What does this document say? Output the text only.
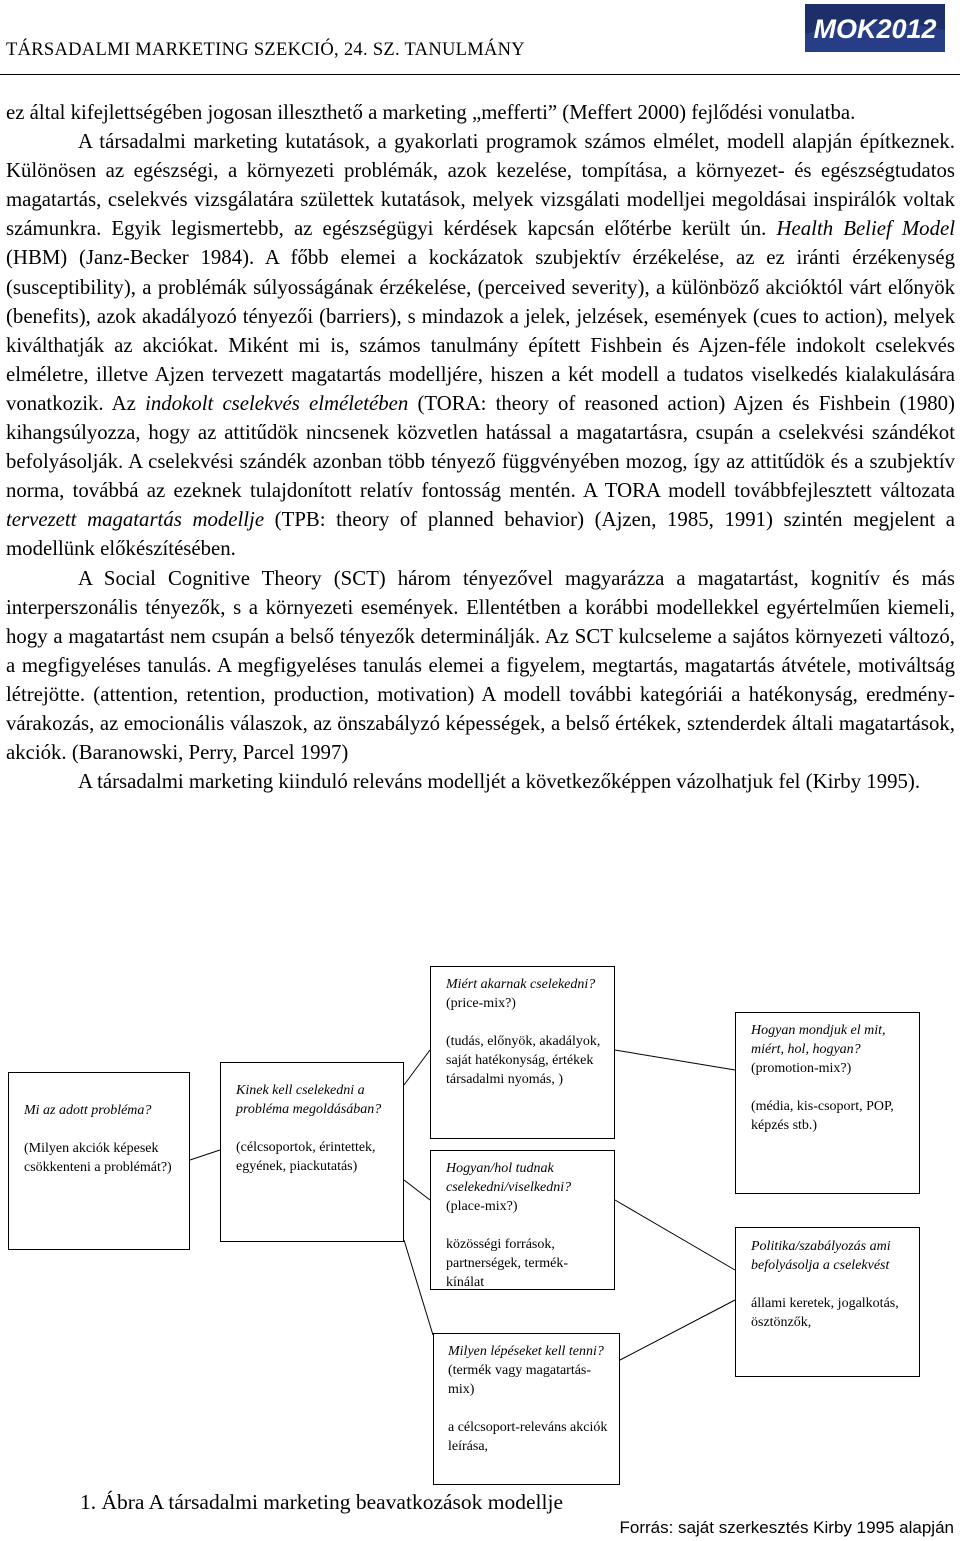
TÁRSADALMI MARKETING SZEKCIÓ, 24. SZ. TANULMÁNY
MOK2012

ez által kifejlettségében jogosan illeszthető a marketing „mefferti” (Meffert 2000) fejlődési vonulatba.

A társadalmi marketing kutatások, a gyakorlati programok számos elmélet, modell alapján építkeznek. Különösen az egészségi, a környezeti problémák, azok kezelése, tompítása, a környezet- és egészségtudatos magatartás, cselekvés vizsgálatára születtek kutatások, melyek vizsgálati modelljei megoldásai inspirálók voltak számunkra. Egyik legismertebb, az egészségügyi kérdések kapcsán előtérbe került ún. Health Belief Model (HBM) (Janz-Becker 1984). A főbb elemei a kockázatok szubjektív érzékelése, az ez iránti érzékenység (susceptibility), a problémák súlyosságának érzékelése, (perceived severity), a különböző akcióktól várt előnyök (benefits), azok akadályozó tényezői (barriers), s mindazok a jelek, jelzések, események (cues to action), melyek kiválthatják az akciókat. Miként mi is, számos tanulmány épített Fishbein és Ajzen-féle indokolt cselekvés elméletre, illetve Ajzen tervezett magatartás modelljére, hiszen a két modell a tudatos viselkedés kialakulására vonatkozik. Az indokolt cselekvés elméletében (TORA: theory of reasoned action) Ajzen és Fishbein (1980) kihangsúlyozza, hogy az attitűdök nincsenek közvetlen hatással a magatartásra, csupán a cselekvési szándékot befolyásolják. A cselekvési szándék azonban több tényező függvényében mozog, így az attitűdök és a szubjektív norma, továbbá az ezeknek tulajdonított relatív fontosság mentén. A TORA modell továbbfejlesztett változata tervezett magatartás modellje (TPB: theory of planned behavior) (Ajzen, 1985, 1991) szintén megjelent a modellünk előkészítésében.

A Social Cognitive Theory (SCT) három tényezővel magyarázza a magatartást, kognitív és más interperszonális tényezők, s a környezeti események. Ellentétben a korábbi modellekkel egyértelműen kiemeli, hogy a magatartást nem csupán a belső tényezők determinálják. Az SCT kulcseleme a sajátos környezeti változó, a megfigyeléses tanulás. A megfigyeléses tanulás elemei a figyelem, megtartás, magatartás átvétele, motiváltság létrejötte. (attention, retention, production, motivation) A modell további kategóriái a hatékonyság, eredmény-várakozás, az emocionális válaszok, az önszabályzó képességek, a belső értékek, sztenderdek általi magatartások, akciók. (Baranowski, Perry, Parcel 1997)

A társadalmi marketing kiinduló releváns modelljét a következőképpen vázolhatjuk fel (Kirby 1995).

Mi az adott probléma?
(Milyen akciók képesek csökkenteni a problémát?)
Kinek kell cselekedni a probléma megoldásában?
(célcsoportok, érintettek, egyének, piackutatás)
Miért akarnak cselekedni?
(price-mix?)
(tudás, előnyök, akadályok, saját hatékonyság, értékek társadalmi nyomás, )
Hogyan/hol tudnak cselekedni/viselkedni?
(place-mix?)
közösségi források, partnerségek, termék-kínálat
Milyen lépéseket kell tenni?
(termék vagy magatartás-mix)
a célcsoport-releváns akciók leírása,
Hogyan mondjuk el mit, miért, hol, hogyan?
(promotion-mix?)
(média, kis-csoport, POP, képzés stb.)
Politika/szabályozás ami befolyásolja a cselekvést
állami keretek, jogalkotás, ösztönzők,
1. Ábra A társadalmi marketing beavatkozások modellje
Forrás: saját szerkesztés Kirby 1995 alapján
